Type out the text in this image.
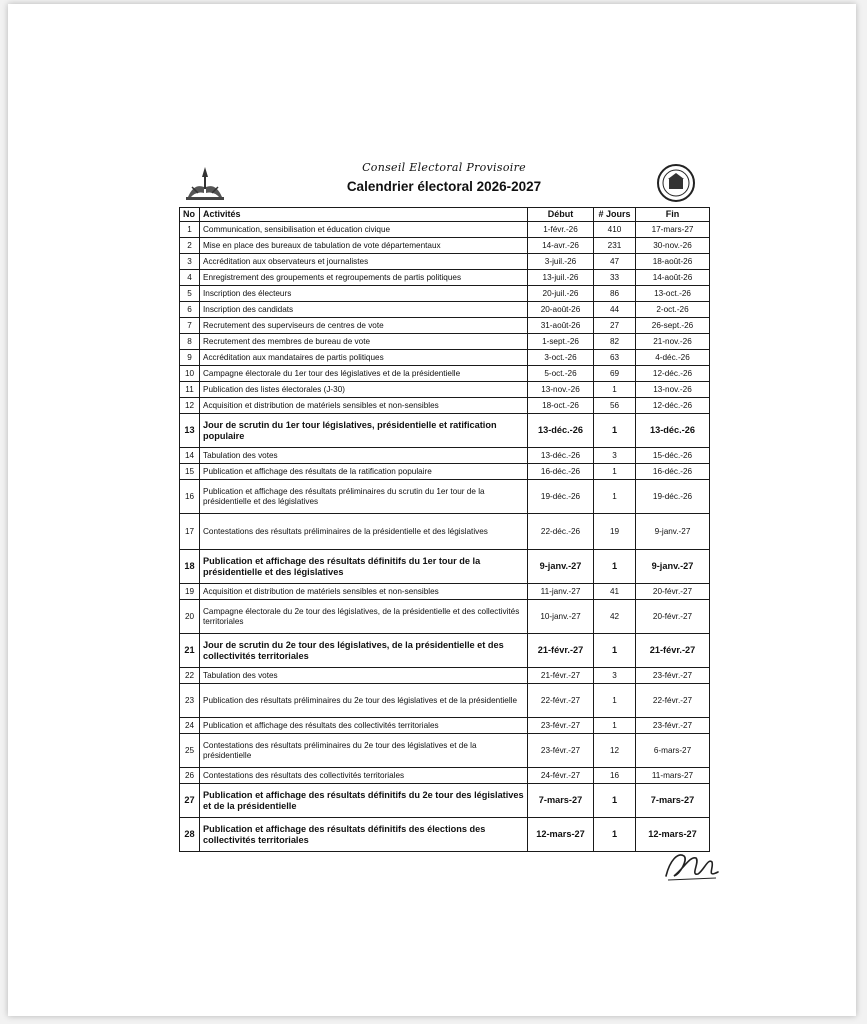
Conseil Electoral Provisoire
Calendrier électoral 2026-2027
No	Activités	Début	# Jours	Fin
1	Communication, sensibilisation et éducation civique	1-févr.-26	410	17-mars-27
2	Mise en place des bureaux de tabulation de vote départementaux	14-avr.-26	231	30-nov.-26
3	Accréditation aux observateurs et journalistes	3-juil.-26	47	18-août-26
4	Enregistrement des groupements et regroupements de partis politiques	13-juil.-26	33	14-août-26
5	Inscription des électeurs	20-juil.-26	86	13-oct.-26
6	Inscription des candidats	20-août-26	44	2-oct.-26
7	Recrutement des superviseurs de centres de vote	31-août-26	27	26-sept.-26
8	Recrutement des membres de bureau de vote	1-sept.-26	82	21-nov.-26
9	Accréditation aux mandataires de partis politiques	3-oct.-26	63	4-déc.-26
10	Campagne électorale du 1er tour des législatives et de la présidentielle	5-oct.-26	69	12-déc.-26
11	Publication des listes électorales (J-30)	13-nov.-26	1	13-nov.-26
12	Acquisition et distribution de matériels sensibles et non-sensibles	18-oct.-26	56	12-déc.-26
13	Jour de scrutin du 1er tour législatives, présidentielle et ratification populaire	13-déc.-26	1	13-déc.-26
14	Tabulation des votes	13-déc.-26	3	15-déc.-26
15	Publication et affichage des résultats de la ratification populaire	16-déc.-26	1	16-déc.-26
16	Publication et affichage des résultats préliminaires du scrutin du 1er tour de la présidentielle et des législatives	19-déc.-26	1	19-déc.-26
17	Contestations des résultats préliminaires de la présidentielle et des législatives	22-déc.-26	19	9-janv.-27
18	Publication et affichage des résultats définitifs du 1er tour de la présidentielle et des législatives	9-janv.-27	1	9-janv.-27
19	Acquisition et distribution de matériels sensibles et non-sensibles	11-janv.-27	41	20-févr.-27
20	Campagne électorale du 2e tour des législatives, de la présidentielle et des collectivités territoriales	10-janv.-27	42	20-févr.-27
21	Jour de scrutin du 2e tour des législatives, de la présidentielle et des collectivités territoriales	21-févr.-27	1	21-févr.-27
22	Tabulation des votes	21-févr.-27	3	23-févr.-27
23	Publication des résultats préliminaires du 2e tour des législatives et de la présidentielle	22-févr.-27	1	22-févr.-27
24	Publication et affichage des résultats des collectivités territoriales	23-févr.-27	1	23-févr.-27
25	Contestations des résultats préliminaires du 2e tour des législatives et de la présidentielle	23-févr.-27	12	6-mars-27
26	Contestations des résultats des collectivités territoriales	24-févr.-27	16	11-mars-27
27	Publication et affichage des résultats définitifs du 2e tour des législatives et de la présidentielle	7-mars-27	1	7-mars-27
28	Publication et affichage des résultats définitifs des élections des collectivités territoriales	12-mars-27	1	12-mars-27
